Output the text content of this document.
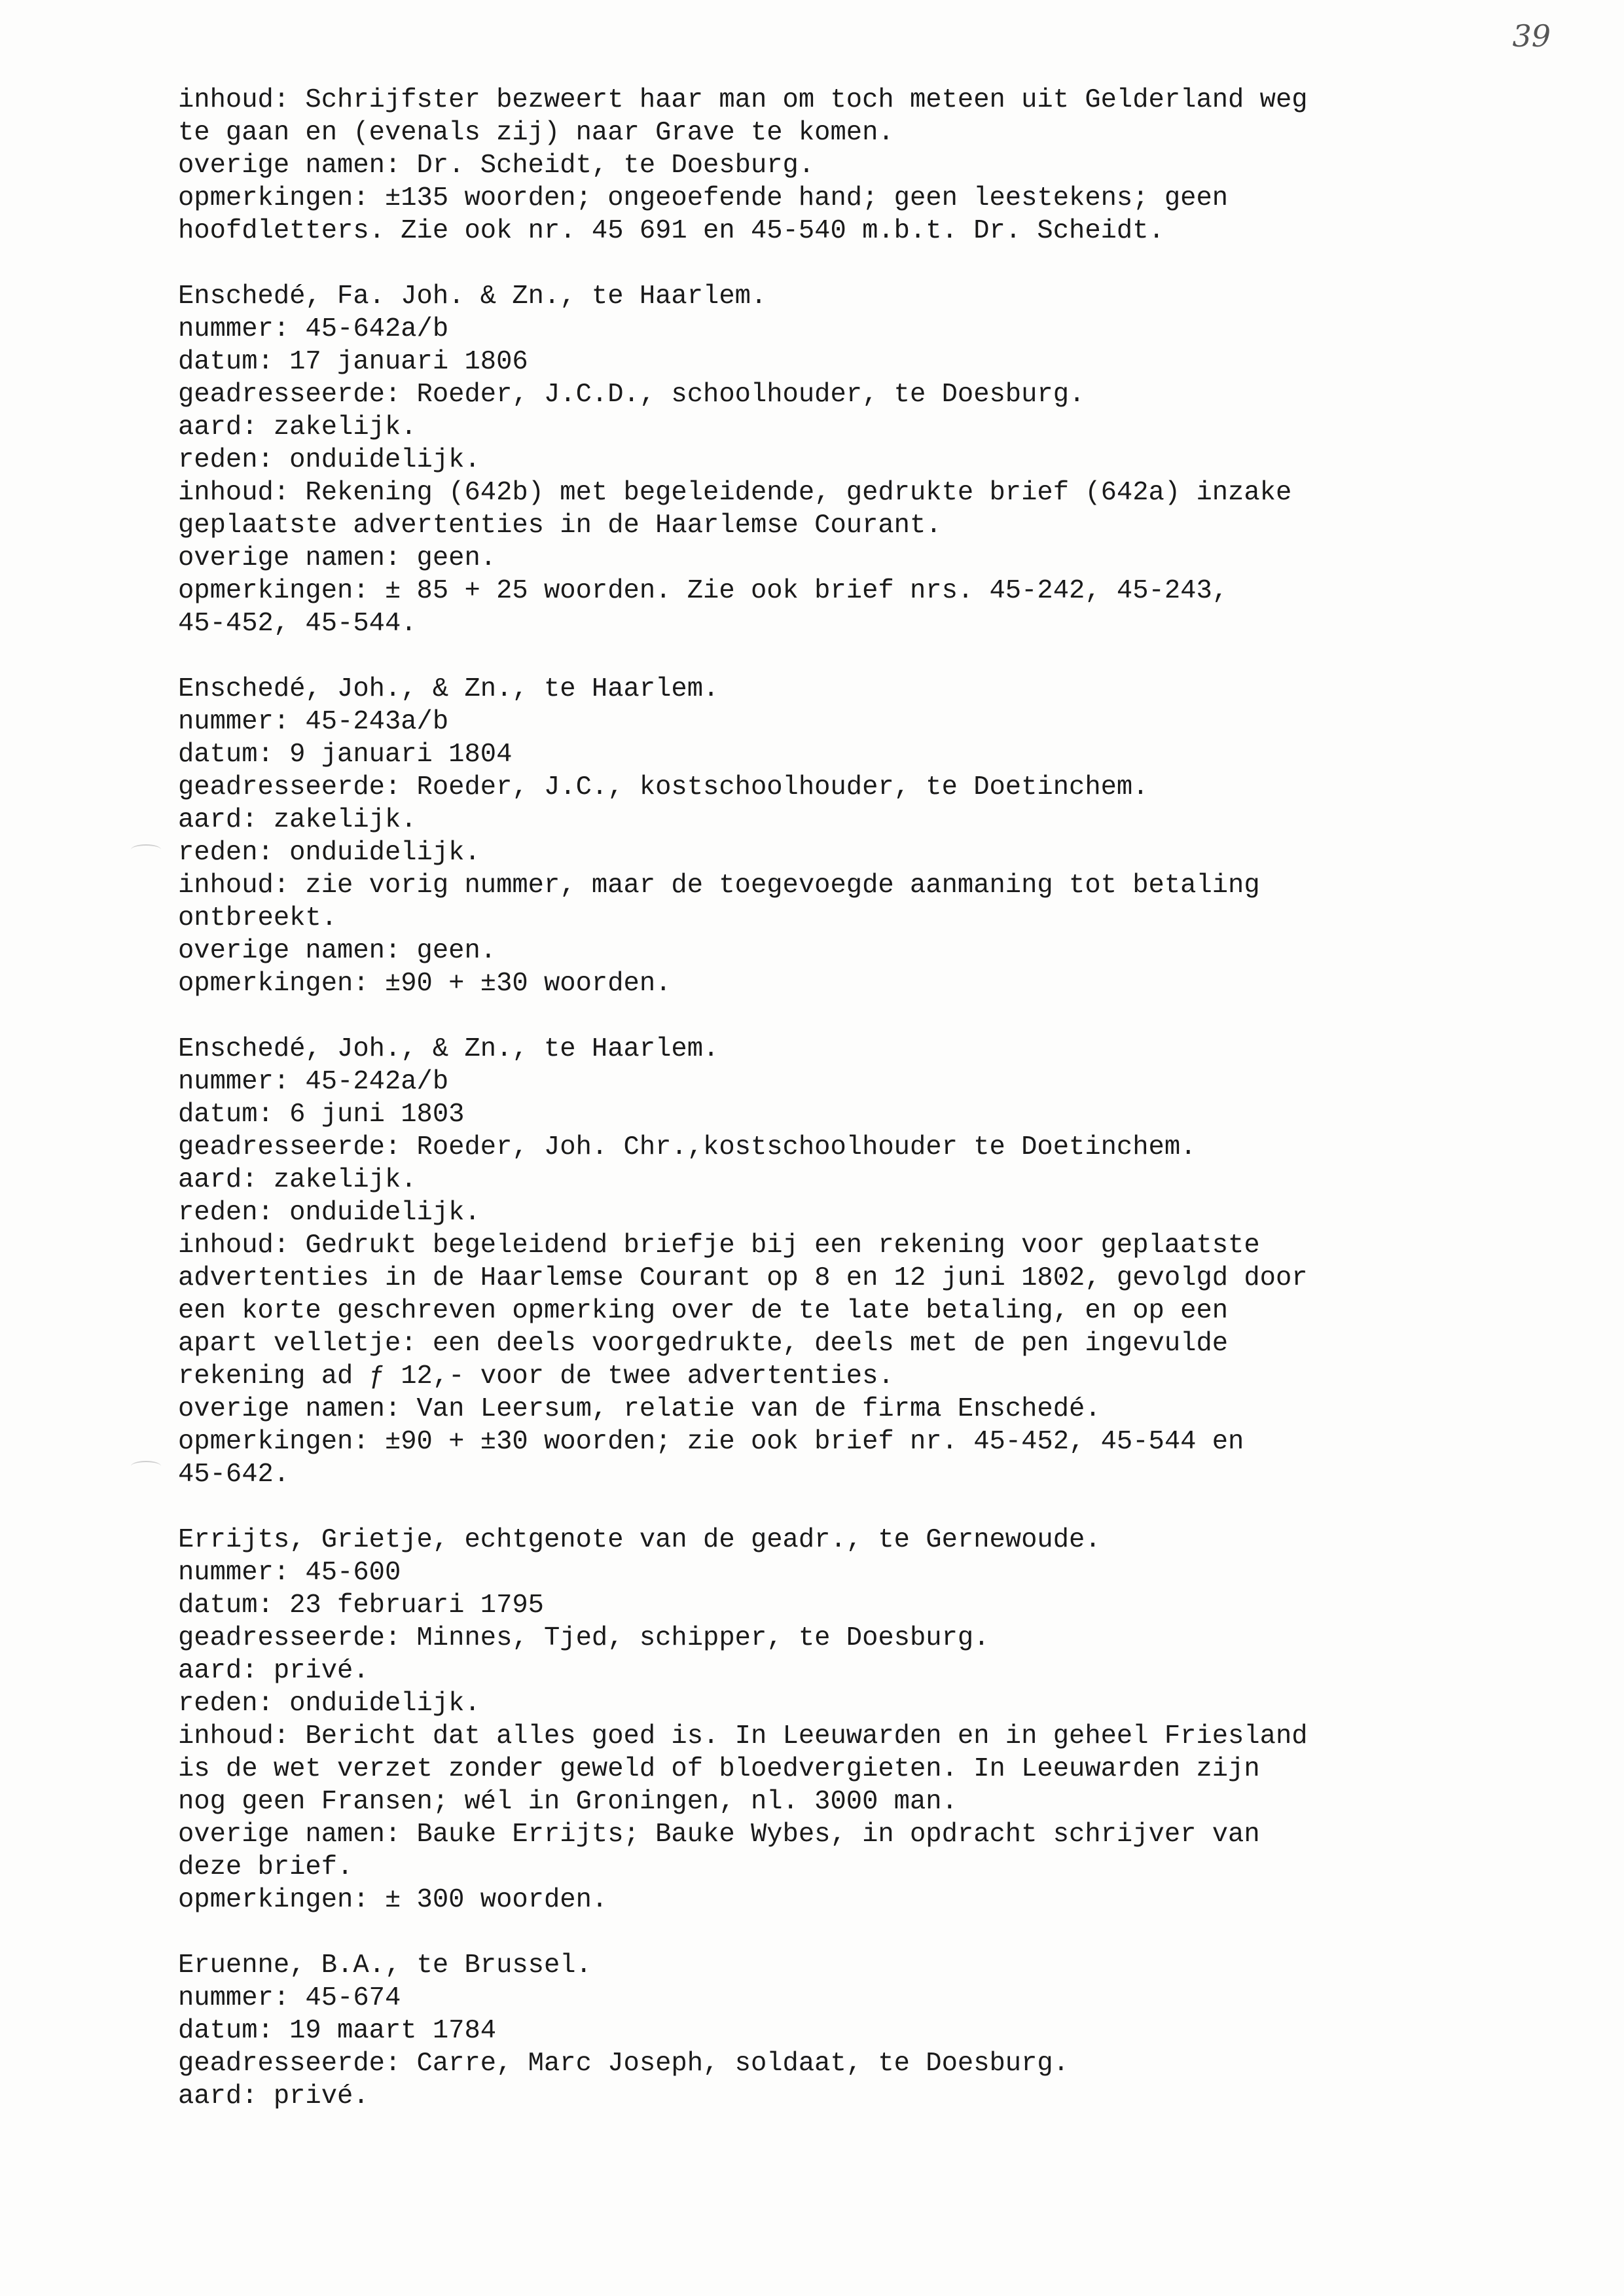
39
inhoud: Schrijfster bezweert haar man om toch meteen uit Gelderland weg
te gaan en (evenals zij) naar Grave te komen.
overige namen: Dr. Scheidt, te Doesburg.
opmerkingen: ±135 woorden; ongeoefende hand; geen leestekens; geen
hoofdletters. Zie ook nr. 45 691 en 45-540 m.b.t. Dr. Scheidt.
Enschedé, Fa. Joh. & Zn., te Haarlem.
nummer: 45-642a/b
datum: 17 januari 1806
geadresseerde: Roeder, J.C.D., schoolhouder, te Doesburg.
aard: zakelijk.
reden: onduidelijk.
inhoud: Rekening (642b) met begeleidende, gedrukte brief (642a) inzake
geplaatste advertenties in de Haarlemse Courant.
overige namen: geen.
opmerkingen: ± 85 + 25 woorden. Zie ook brief nrs. 45-242, 45-243,
45-452, 45-544.
Enschedé, Joh., & Zn., te Haarlem.
nummer: 45-243a/b
datum: 9 januari 1804
geadresseerde: Roeder, J.C., kostschoolhouder, te Doetinchem.
aard: zakelijk.
reden: onduidelijk.
inhoud: zie vorig nummer, maar de toegevoegde aanmaning tot betaling
ontbreekt.
overige namen: geen.
opmerkingen: ±90 + ±30 woorden.
Enschedé, Joh., & Zn., te Haarlem.
nummer: 45-242a/b
datum: 6 juni 1803
geadresseerde: Roeder, Joh. Chr.,kostschoolhouder te Doetinchem.
aard: zakelijk.
reden: onduidelijk.
inhoud: Gedrukt begeleidend briefje bij een rekening voor geplaatste
advertenties in de Haarlemse Courant op 8 en 12 juni 1802, gevolgd door
een korte geschreven opmerking over de te late betaling, en op een
apart velletje: een deels voorgedrukte, deels met de pen ingevulde
rekening ad ƒ 12,- voor de twee advertenties.
overige namen: Van Leersum, relatie van de firma Enschedé.
opmerkingen: ±90 + ±30 woorden; zie ook brief nr. 45-452, 45-544 en
45-642.
Errijts, Grietje, echtgenote van de geadr., te Gernewoude.
nummer: 45-600
datum: 23 februari 1795
geadresseerde: Minnes, Tjed, schipper, te Doesburg.
aard: privé.
reden: onduidelijk.
inhoud: Bericht dat alles goed is. In Leeuwarden en in geheel Friesland
is de wet verzet zonder geweld of bloedvergieten. In Leeuwarden zijn
nog geen Fransen; wél in Groningen, nl. 3000 man.
overige namen: Bauke Errijts; Bauke Wybes, in opdracht schrijver van
deze brief.
opmerkingen: ± 300 woorden.
Eruenne, B.A., te Brussel.
nummer: 45-674
datum: 19 maart 1784
geadresseerde: Carre, Marc Joseph, soldaat, te Doesburg.
aard: privé.
